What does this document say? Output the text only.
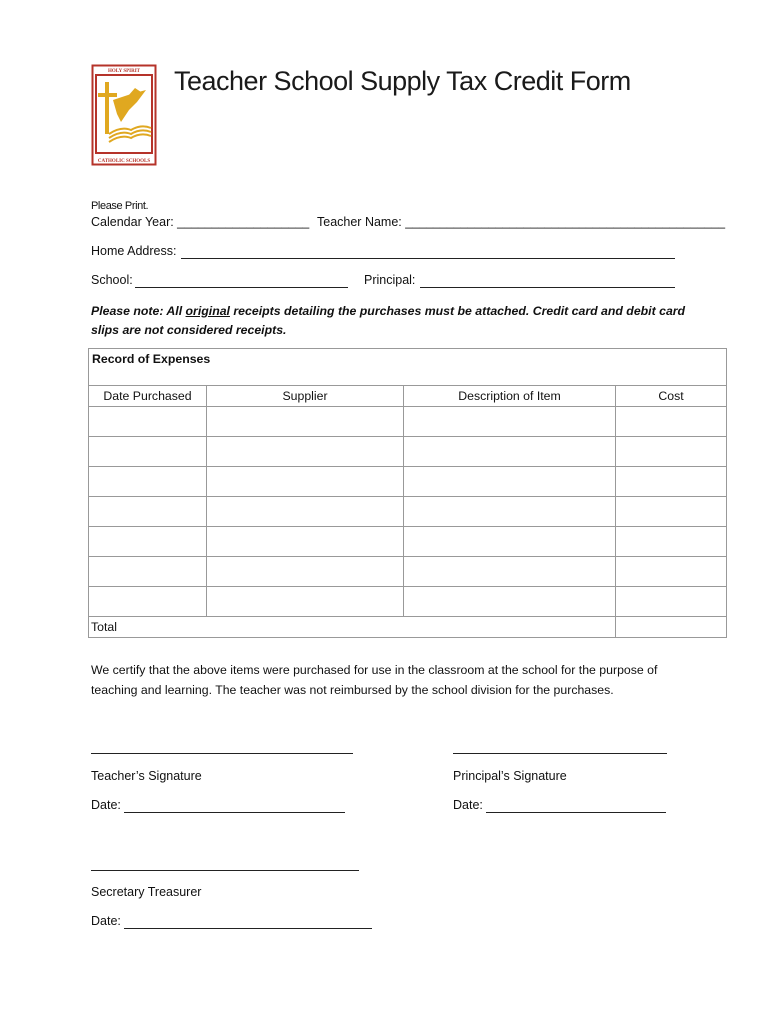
HOLY SPIRIT
CATHOLIC SCHOOLS
Teacher School Supply Tax Credit Form
Please Print.
Calendar Year: ___________________ Teacher Name: ______________________________________________
Home Address:
School:	Principal:
Please note: All original receipts detailing the purchases must be attached. Credit card and debit card slips are not considered receipts.
Record of Expenses			
Date Purchased	Supplier	Description of Item	Cost

Total			
We certify that the above items were purchased for use in the classroom at the school for the purpose of teaching and learning. The teacher was not reimbursed by the school division for the purchases.
Teacher’s Signature	Principal’s Signature
Date:	Date:
Secretary Treasurer
Date:
